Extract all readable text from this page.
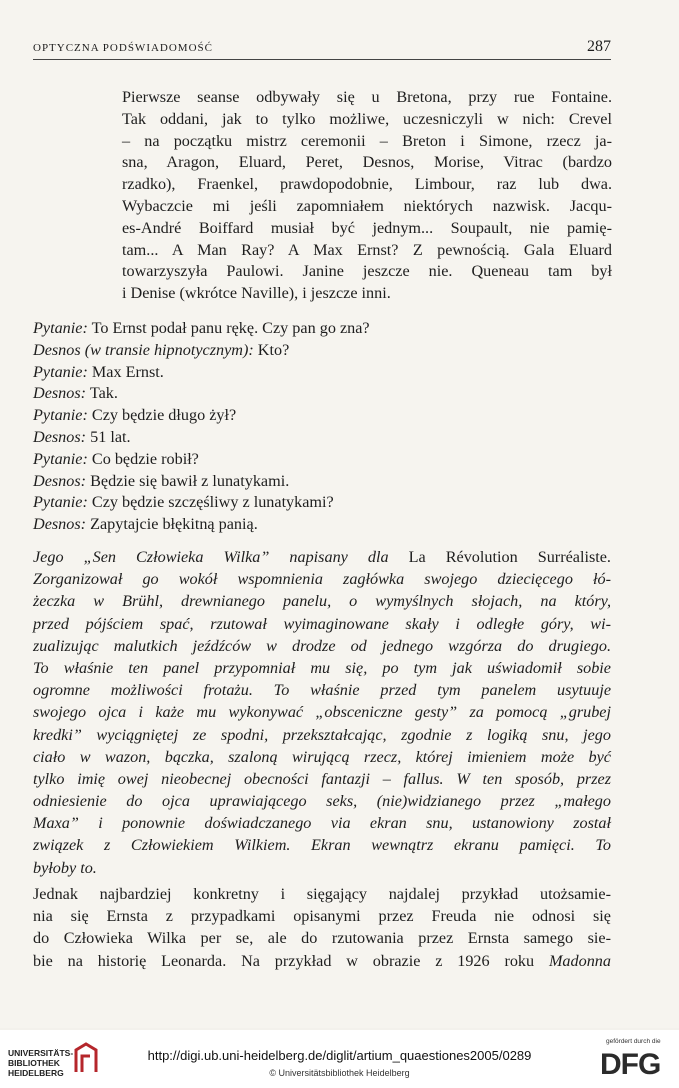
OPTYCZNA PODŚWIADOMOŚĆ	287
Pierwsze seanse odbywały się u Bretona, przy rue Fontaine.
Tak oddani, jak to tylko możliwe, uczesniczyli w nich: Crevel
– na początku mistrz ceremonii – Breton i Simone, rzecz ja-
sna, Aragon, Eluard, Peret, Desnos, Morise, Vitrac (bardzo
rzadko), Fraenkel, prawdopodobnie, Limbour, raz lub dwa.
Wybaczcie mi jeśli zapomniałem niektórych nazwisk. Jacqu-
es-André Boiffard musiał być jednym... Soupault, nie pamię-
tam... A Man Ray? A Max Ernst? Z pewnością. Gala Eluard
towarzyszyła Paulowi. Janine jeszcze nie. Queneau tam był
i Denise (wkrótce Naville), i jeszcze inni.
Pytanie: To Ernst podał panu rękę. Czy pan go zna?
Desnos (w transie hipnotycznym): Kto?
Pytanie: Max Ernst.
Desnos: Tak.
Pytanie: Czy będzie długo żył?
Desnos: 51 lat.
Pytanie: Co będzie robił?
Desnos: Będzie się bawił z lunatykami.
Pytanie: Czy będzie szczęśliwy z lunatykami?
Desnos: Zapytajcie błękitną panią.
Jego „Sen Człowieka Wilka” napisany dla La Révolution Surréaliste.
Zorganizował go wokół wspomnienia zagłówka swojego dziecięcego łó-
żeczka w Brühl, drewnianego panelu, o wymyślnych słojach, na który,
przed pójściem spać, rzutował wyimaginowane skały i odległe góry, wi-
zualizując malutkich jeźdźców w drodze od jednego wzgórza do drugiego.
To właśnie ten panel przypomniał mu się, po tym jak uświadomił sobie
ogromne możliwości frotażu. To właśnie przed tym panelem usytuuje
swojego ojca i każe mu wykonywać „obsceniczne gesty” za pomocą „grubej
kredki” wyciągniętej ze spodni, przekształcając, zgodnie z logiką snu, jego
ciało w wazon, bączka, szaloną wirującą rzecz, której imieniem może być
tylko imię owej nieobecnej obecności fantazji – fallus. W ten sposób, przez
odniesienie do ojca uprawiającego seks, (nie)widzianego przez „małego
Maxa” i ponownie doświadczanego via ekran snu, ustanowiony został
związek z Człowiekiem Wilkiem. Ekran wewnątrz ekranu pamięci. To
byłoby to.
Jednak najbardziej konkretny i sięgający najdalej przykład utożsamie-
nia się Ernsta z przypadkami opisanymi przez Freuda nie odnosi się
do Człowieka Wilka per se, ale do rzutowania przez Ernsta samego sie-
bie na historię Leonarda. Na przykład w obrazie z 1926 roku Madonna
UNIVERSITÄTS-
BIBLIOTHEK
HEIDELBERG
http://digi.ub.uni-heidelberg.de/diglit/artium_quaestiones2005/0289
© Universitätsbibliothek Heidelberg
gefördert durch die
DFG
